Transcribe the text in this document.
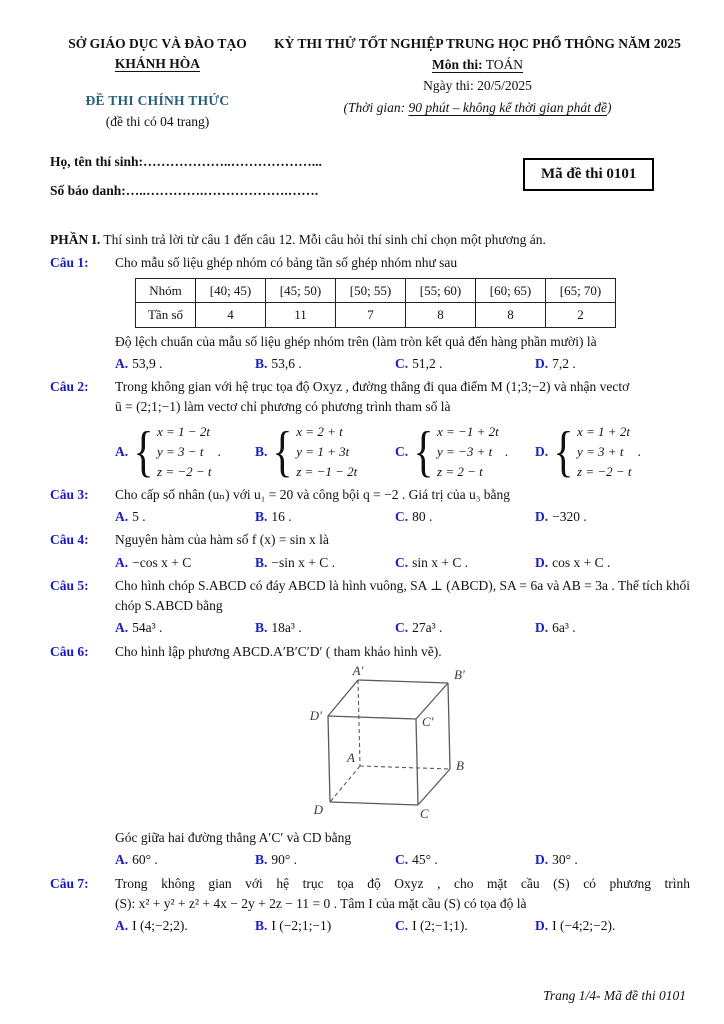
SỞ GIÁO DỤC VÀ ĐÀO TẠO
KHÁNH HÒA
ĐỀ THI CHÍNH THỨC
(đề thi có 04 trang)
KỲ THI THỬ TỐT NGHIỆP TRUNG HỌC PHỔ THÔNG NĂM 2025
Môn thi: TOÁN
Ngày thi: 20/5/2025
(Thời gian: 90 phút – không kể thời gian phát đề)
Họ, tên thí sinh:………………..………………...
Số báo danh:…..………….……………….…….
Mã đề thi 0101
PHẦN I. Thí sinh trả lời từ câu 1 đến câu 12. Mỗi câu hỏi thí sinh chỉ chọn một phương án.
Câu 1:	Cho mẫu số liệu ghép nhóm có bảng tần số ghép nhóm như sau
Nhóm	[40; 45)	[45; 50)	[50; 55)	[55; 60)	[60; 65)	[65; 70)
Tần số	4	11	7	8	8	2
Độ lệch chuẩn của mẫu số liệu ghép nhóm trên (làm tròn kết quả đến hàng phần mười) là
A. 53,9 .	B. 53,6 .	C. 51,2 .	D. 7,2 .
Câu 2:	Trong không gian với hệ trục tọa độ Oxyz , đường thẳng đi qua điểm M (1;3;−2) và nhận vectơ
ū = (2;1;−1) làm vectơ chỉ phương có phương trình tham số là
A. { x = 1 − 2t
y = 3 − t
z = −2 − t
.	B. { x = 2 + t
y = 1 + 3t
z = −1 − 2t
C. { x = −1 + 2t
y = −3 + t
z = 2 − t
. D. { x = 1 + 2t
y = 3 + t
z = −2 − t
.
Câu 3:	Cho cấp số nhân (uₙ) với u₁ = 20 và công bội q = −2 . Giá trị của u₃ bằng
A. 5 .	B. 16 .	C. 80 .	D. −320 .
Câu 4:	Nguyên hàm của hàm số f (x) = sin x là
A. −cos x + C	B. −sin x + C .	C. sin x + C .	D. cos x + C .
Câu 5:	Cho hình chóp S.ABCD có đáy ABCD là hình vuông, SA ⊥ (ABCD), SA = 6a và AB = 3a . Thể tích khối chóp S.ABCD bằng
A. 54a³ .	B. 18a³ .	C. 27a³ .	D. 6a³ .
Câu 6:	Cho hình lập phương ABCD.A′B′C′D′ ( tham khảo hình vẽ).
A′	B′
C′
D′
A
B
C
D
Góc giữa hai đường thẳng A′C′ và CD bằng
A. 60° .	B. 90° .	C. 45° .	D. 30° .
Câu 7:	Trong không gian với hệ trục tọa độ Oxyz , cho mặt cầu (S) có phương trình
(S): x² + y² + z² + 4x − 2y + 2z − 11 = 0 . Tâm I của mặt cầu (S) có tọa độ là
A. I (4;−2;2).	B. I (−2;1;−1)	C. I (2;−1;1).	D. I (−4;2;−2).
Trang 1/4- Mã đề thi 0101
